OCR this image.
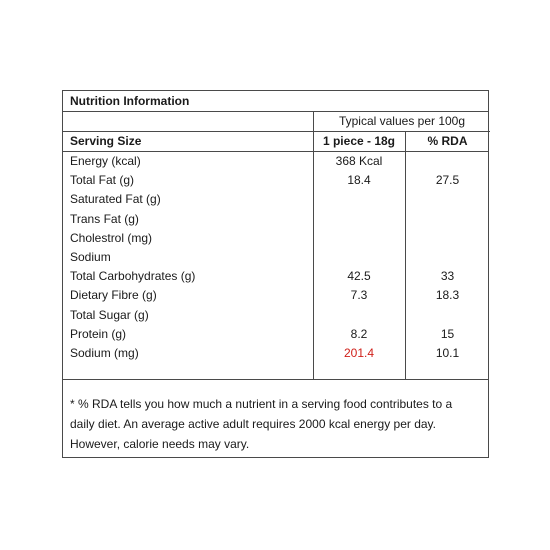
Nutrition Information
Typical values per 100g
Serving Size	1 piece - 18g	% RDA
Energy (kcal)	368 Kcal
Total Fat (g)	18.4	27.5
Saturated Fat (g)
Trans Fat (g)
Cholestrol (mg)
Sodium
Total Carbohydrates (g)	42.5	33
Dietary Fibre (g)	7.3	18.3
Total Sugar (g)
Protein (g)	8.2	15
Sodium (mg)	201.4	10.1
* % RDA tells you how much a nutrient in a serving food contributes to a daily diet. An average active adult requires 2000 kcal energy per day. However, calorie needs may vary.
